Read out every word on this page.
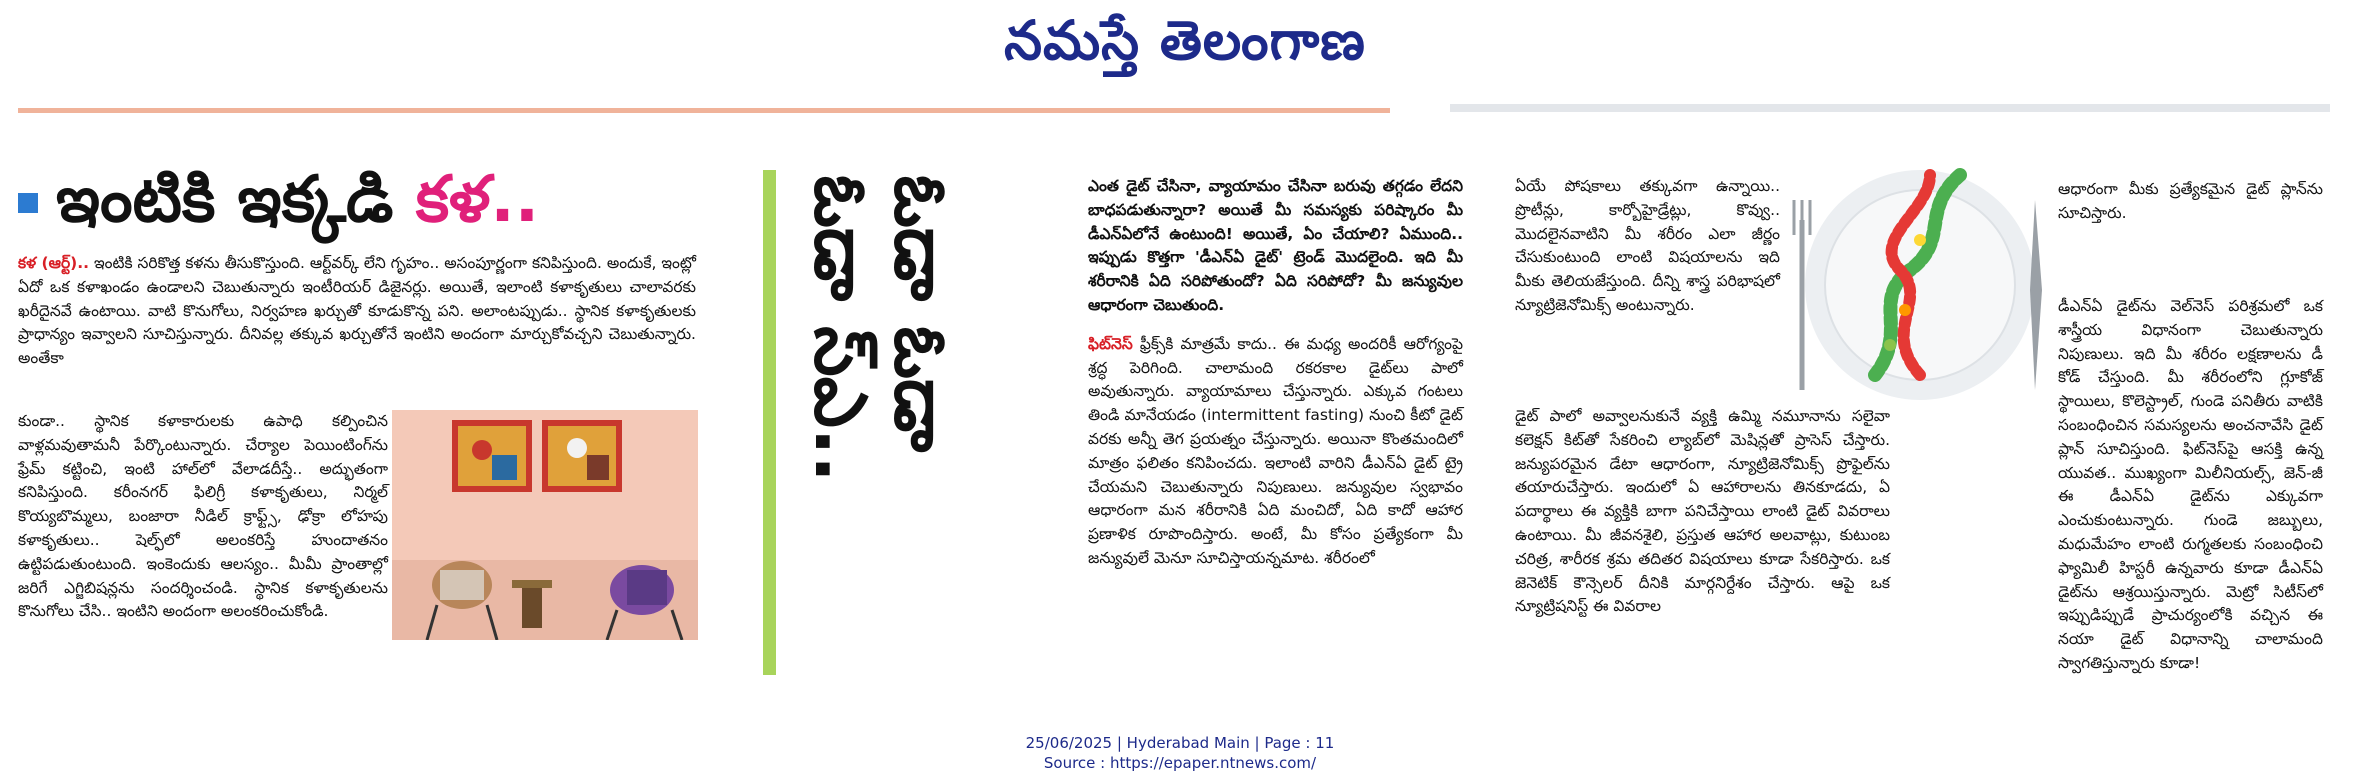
నమస్తే తెలంగాణ
ఇంటికి ఇక్కడి కళ..

కళ (ఆర్ట్).. ఇంటికి సరికొత్త కళను తీసుకొస్తుంది. ఆర్ట్‌వర్క్ లేని గృహం.. అసంపూర్ణంగా కనిపిస్తుంది. అందుకే, ఇంట్లో ఏదో ఒక కళాఖండం ఉండాలని చెబుతున్నారు ఇంటీరియర్ డిజైనర్లు. అయితే, ఇలాంటి కళాకృతులు చాలావరకు ఖరీదైనవే ఉంటాయి. వాటి కొనుగోలు, నిర్వహణ ఖర్చుతో కూడుకొన్న పని. అలాంటప్పుడు.. స్థానిక కళాకృతులకు ప్రాధాన్యం ఇవ్వాలని సూచిస్తున్నారు. దీనివల్ల తక్కువ ఖర్చుతోనే ఇంటిని అందంగా మార్చుకోవచ్చని చెబుతున్నారు. అంతేకా

కుండా.. స్థానిక కళాకారులకు ఉపాధి కల్పించిన వాళ్లమవుతామనీ పేర్కొంటున్నారు. చేర్యాల పెయింటింగ్‌ను ఫ్రేమ్ కట్టించి, ఇంటి హాల్‌లో వేలాడదీస్తే.. అద్భుతంగా కనిపిస్తుంది. కరీంనగర్ ఫిలిగ్రీ కళాకృతులు, నిర్మల్ కొయ్యబొమ్మలు, బంజారా నీడిల్ క్రాఫ్ట్స్, ఢోక్రా లోహపు కళాకృతులు.. షెల్ఫ్‌లో అలంకరిస్తే హుందాతనం ఉట్టిపడుతుంటుంది. ఇంకెందుకు ఆలస్యం.. మీమీ ప్రాంతాల్లో జరిగే ఎగ్జిబిషన్లను సందర్శించండి. స్థానిక కళాకృతులను కొనుగోలు చేసి.. ఇంటిని అందంగా అలంకరించుకోండి.

ఓడా ఓడా
ఓడా స్ఎ..	ఎంత డైట్ చేసినా, వ్యాయామం చేసినా బరువు తగ్గడం లేదని బాధపడుతున్నారా? అయితే మీ సమస్యకు పరిష్కారం మీ డీఎన్ఏలోనే ఉంటుంది! అయితే, ఏం చేయాలి? ఏముంది.. ఇప్పుడు కొత్తగా 'డీఎన్ఏ డైట్' ట్రెండ్ మొదలైంది. ఇది మీ శరీరానికి ఏది సరిపోతుందో? ఏది సరిపోదో? మీ జన్యువుల ఆధారంగా చెబుతుంది.

ఫిట్‌నెస్ ఫ్రీక్స్‌కి మాత్రమే కాదు.. ఈ మధ్య అందరికీ ఆరోగ్యంపై శ్రద్ధ పెరిగింది. చాలామంది రకరకాల డైట్‌లు పాలో అవుతున్నారు. వ్యాయామాలు చేస్తున్నారు. ఎక్కువ గంటలు తిండి మానేయడం (intermittent fasting) నుంచి కీటో డైట్ వరకు అన్నీ తెగ ప్రయత్నం చేస్తున్నారు. అయినా కొంతమందిలో మాత్రం ఫలితం కనిపించదు. ఇలాంటి వారిని డీఎన్ఏ డైట్ ట్రై చేయమని చెబుతున్నారు నిపుణులు. జన్యువుల స్వభావం ఆధారంగా మన శరీరానికి ఏది మంచిదో, ఏది కాదో ఆహార ప్రణాళిక రూపొందిస్తారు. అంటే, మీ కోసం ప్రత్యేకంగా మీ జన్యువులే మెనూ సూచిస్తాయన్నమాట. శరీరంలో

ఏయే పోషకాలు తక్కువగా ఉన్నాయి.. ప్రొటీన్లు, కార్బోహైడ్రేట్లు, కొవ్వు.. మొదలైనవాటిని మీ శరీరం ఎలా జీర్ణం చేసుకుంటుంది లాంటి విషయాలను ఇది మీకు తెలియజేస్తుంది. దీన్ని శాస్త్ర పరిభాషలో న్యూట్రిజెనోమిక్స్ అంటున్నారు.

డైట్ పాలో అవ్వాలనుకునే వ్యక్తి ఉమ్మి నమూనాను సలైవా కలెక్షన్ కిట్‌తో సేకరించి ల్యాబ్‌లో మెషిన్లతో ప్రాసెస్ చేస్తారు. జన్యుపరమైన డేటా ఆధారంగా, న్యూట్రిజెనోమిక్స్ ప్రొఫైల్‌ను తయారుచేస్తారు. ఇందులో ఏ ఆహారాలను తినకూడదు, ఏ పదార్థాలు ఈ వ్యక్తికి బాగా పనిచేస్తాయి లాంటి డైట్ వివరాలు ఉంటాయి. మీ జీవనశైలి, ప్రస్తుత ఆహార అలవాట్లు, కుటుంబ చరిత్ర, శారీరక శ్రమ తదితర విషయాలు కూడా సేకరిస్తారు. ఒక జెనెటిక్ కౌన్సెలర్ దీనికి మార్గనిర్దేశం చేస్తారు. ఆపై ఒక న్యూట్రిషనిస్ట్ ఈ వివరాల

ఆధారంగా మీకు ప్రత్యేకమైన డైట్ ప్లాన్‌ను సూచిస్తారు.

డీఎన్ఏ డైట్‌ను వెల్‌నెస్ పరిశ్రమలో ఒక శాస్త్రీయ విధానంగా చెబుతున్నారు నిపుణులు. ఇది మీ శరీరం లక్షణాలను డీ కోడ్ చేస్తుంది. మీ శరీరంలోని గ్లూకోజ్ స్థాయిలు, కొలెస్ట్రాల్, గుండె పనితీరు వాటికి సంబంధించిన సమస్యలను అంచనావేసి డైట్ ప్లాన్ సూచిస్తుంది. ఫిట్‌నెస్‌పై ఆసక్తి ఉన్న యువత.. ముఖ్యంగా మిలీనియల్స్, జెన్-జీ ఈ డీఎన్ఏ డైట్‌ను ఎక్కువగా ఎంచుకుంటున్నారు. గుండె జబ్బులు, మధుమేహం లాంటి రుగ్మతలకు సంబంధించి ఫ్యామిలీ హిస్టరీ ఉన్నవారు కూడా డీఎన్ఏ డైట్‌ను ఆశ్రయిస్తున్నారు. మెట్రో సిటీస్‌లో ఇప్పుడిప్పుడే ప్రాచుర్యంలోకి వచ్చిన ఈ నయా డైట్ విధానాన్ని చాలామంది స్వాగతిస్తున్నారు కూడా!

25/06/2025 | Hyderabad Main | Page : 11
Source : https://epaper.ntnews.com/
